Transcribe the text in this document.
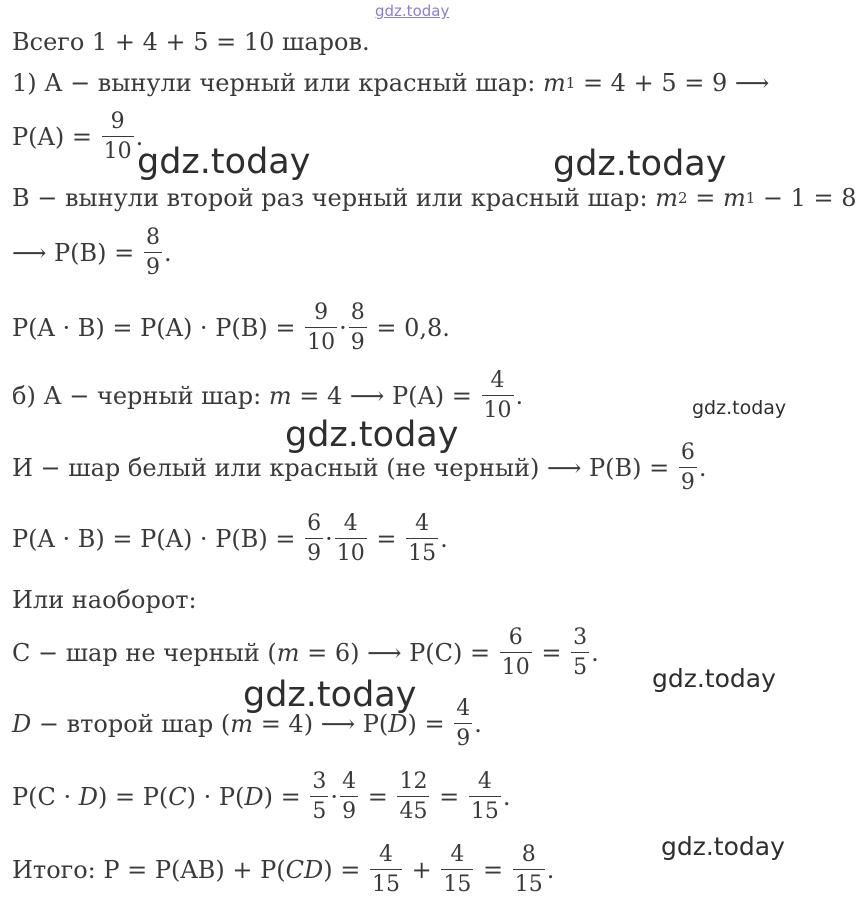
gdz.today
gdz.today	gdz.today
gdz.today
gdz.today
gdz.today
gdz.today
gdz.today
Всего 1 + 4 + 5 = 10 шаров.
1) А − вынули черный или красный шар:
m 1
= 4 + 5 = 9 ⟶
P(A) =
$\frac{9}{10}$ .
В − вынули второй раз черный или красный шар:
m 2
=
m 1
− 1 = 8
⟶ P(B) =
$\frac{8}{9}$ .
P(A · B) = P(A) · P(B) =
$\frac{9}{10} \cdot \frac{8}{9}$
= 0,8.
б) А − черный шар:
m
= 4 ⟶ P(A) =
$\frac{4}{10}$ .
И − шар белый или красный (не черный) ⟶ P(B) =
$\frac{6}{9}$ .
P(A · B) = P(A) · P(B) =
$\frac{6}{9} \cdot \frac{4}{10}$
=
$\frac{4}{15}$ .
Или наоборот:
С − шар не черный ( m
= 6) ⟶ P(C) =
$\frac{6}{10}$
=
$\frac{3}{5}$ .
D
− второй шар ( m
= 4) ⟶ P( D ) =
$\frac{4}{9}$ .
P(C ·
D ) = P( C ) · P( D ) =
$\frac{3}{5} \cdot \frac{4}{9}$
=
$\frac{12}{45}$
=
$\frac{4}{15}$ .
Итого: P = P(AB) + P( CD ) =
$\frac{4}{15}$
+
$\frac{4}{15}$
=
$\frac{8}{15}$ .
